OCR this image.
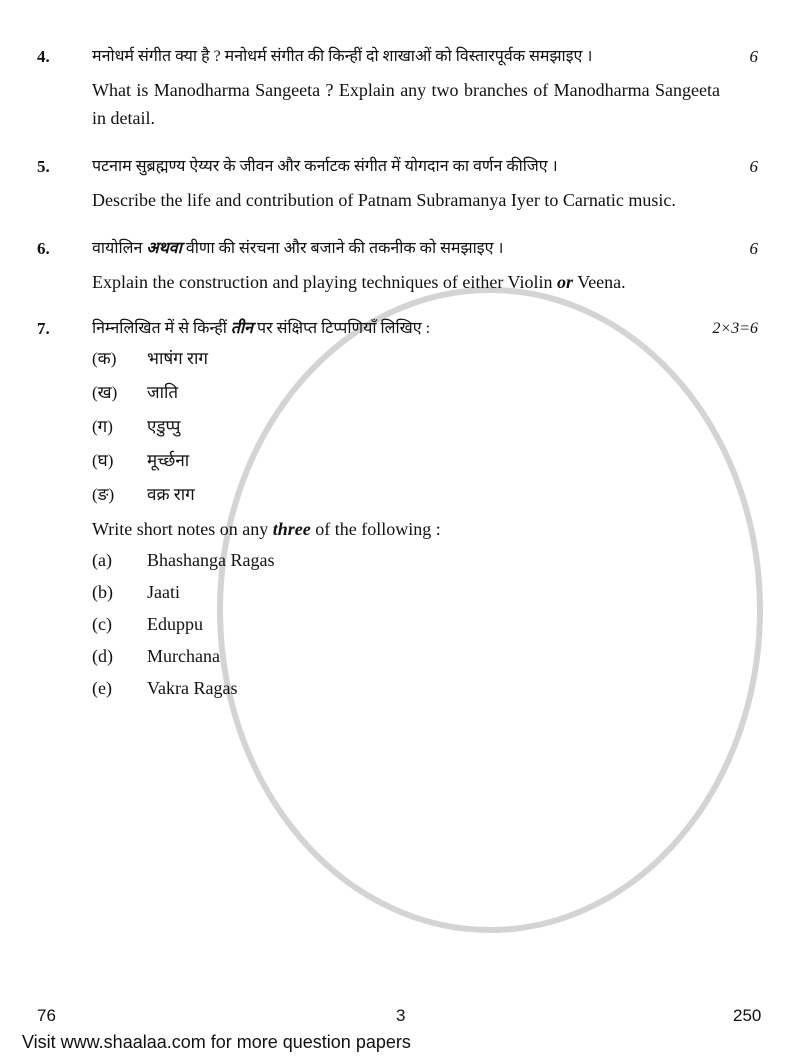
4.	मनोधर्म संगीत क्या है ? मनोधर्म संगीत की किन्हीं दो शाखाओं को विस्तारपूर्वक समझाइए ।	6
What is Manodharma Sangeeta ? Explain any two branches of Manodharma Sangeeta in detail.
5.	पटनाम सुब्रह्मण्य ऐय्यर के जीवन और कर्नाटक संगीत में योगदान का वर्णन कीजिए ।	6
Describe the life and contribution of Patnam Subramanya Iyer to Carnatic music.
6.	वायोलिन अथवा वीणा की संरचना और बजाने की तकनीक को समझाइए ।	6
Explain the construction and playing techniques of either Violin or Veena.
7.	निम्नलिखित में से किन्हीं तीन पर संक्षिप्त टिप्पणियाँ लिखिए :	2×3=6
(क)	भाषंग राग
(ख)	जाति
(ग)	एडुप्पु
(घ)	मूर्च्छना
(ङ)	वक्र राग
Write short notes on any three of the following :
(a)	Bhashanga Ragas
(b)	Jaati
(c)	Eduppu
(d)	Murchana
(e)	Vakra Ragas
76	3	250
Visit www.shaalaa.com for more question papers
